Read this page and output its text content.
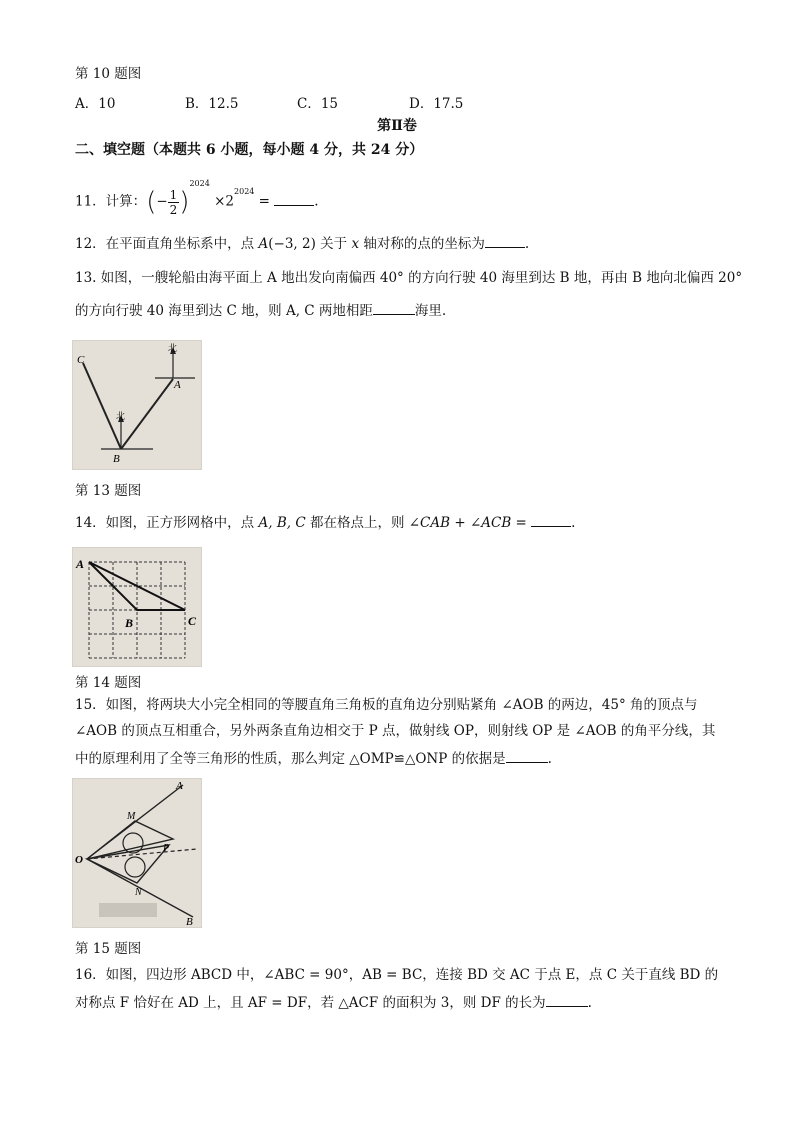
第 10 题图
A．10	B．12.5	C．15	D．17.5
第Ⅱ卷
二、填空题（本题共 6 小题，每小题 4 分，共 24 分）
11．计算：(− $\frac{1}{2} )^{2024} \times 2^{2024}$ =	.
12．在平面直角坐标系中，点 A(−3, 2) 关于 x 轴对称的点的坐标为	.
13. 如图，一艘轮船由海平面上 A 地出发向南偏西 40° 的方向行驶 40 海里到达 B 地，再由 B 地向北偏西 20°
的方向行驶 40 海里到达 C 地，则 A, C 两地相距	海里.
C
B
A
北
北
第 13 题图
14．如图，正方形网格中，点 A, B, C 都在格点上，则 ∠CAB + ∠ACB =	.
A
B	C
第 14 题图
15．如图，将两块大小完全相同的等腰直角三角板的直角边分别贴紧角 ∠AOB 的两边，45° 角的顶点与
∠AOB 的顶点互相重合，另外两条直角边相交于 P 点，做射线 OP，则射线 OP 是 ∠AOB 的角平分线，其
中的原理利用了全等三角形的性质，那么判定 △OMP≌△ONP 的依据是	.
A
B
O
M
N
P
第 15 题图
16．如图，四边形 ABCD 中，∠ABC = 90°，AB = BC，连接 BD 交 AC 于点 E，点 C 关于直线 BD 的
对称点 F 恰好在 AD 上，且 AF = DF，若 △ACF 的面积为 3，则 DF 的长为	.
